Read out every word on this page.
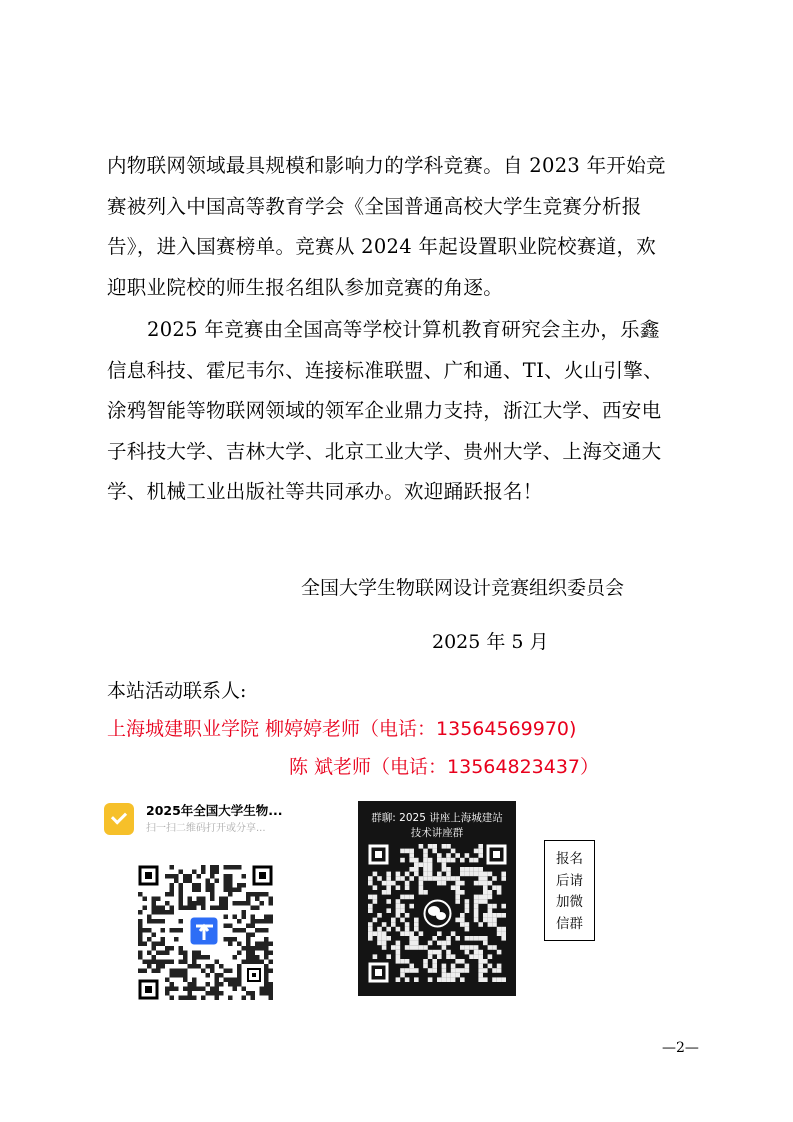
内物联网领域最具规模和影响力的学科竞赛。自 2023 年开始竞
赛被列入中国高等教育学会《全国普通高校大学生竞赛分析报
告》，进入国赛榜单。竞赛从 2024 年起设置职业院校赛道，欢
迎职业院校的师生报名组队参加竞赛的角逐。
2025 年竞赛由全国高等学校计算机教育研究会主办，乐鑫
信息科技、霍尼韦尔、连接标准联盟、广和通、TI、火山引擎、
涂鸦智能等物联网领域的领军企业鼎力支持，浙江大学、西安电
子科技大学、吉林大学、北京工业大学、贵州大学、上海交通大
学、机械工业出版社等共同承办。欢迎踊跃报名！
全国大学生物联网设计竞赛组织委员会
2025 年 5 月
本站活动联系人:
上海城建职业学院 柳婷婷老师（电话：13564569970)
陈 斌老师（电话：13564823437）
2025年全国大学生物...
扫一扫二维码打开或分享...
群聊: 2025 讲座上海城建站
技术讲座群
报名
后请
加微
信群
—2—
